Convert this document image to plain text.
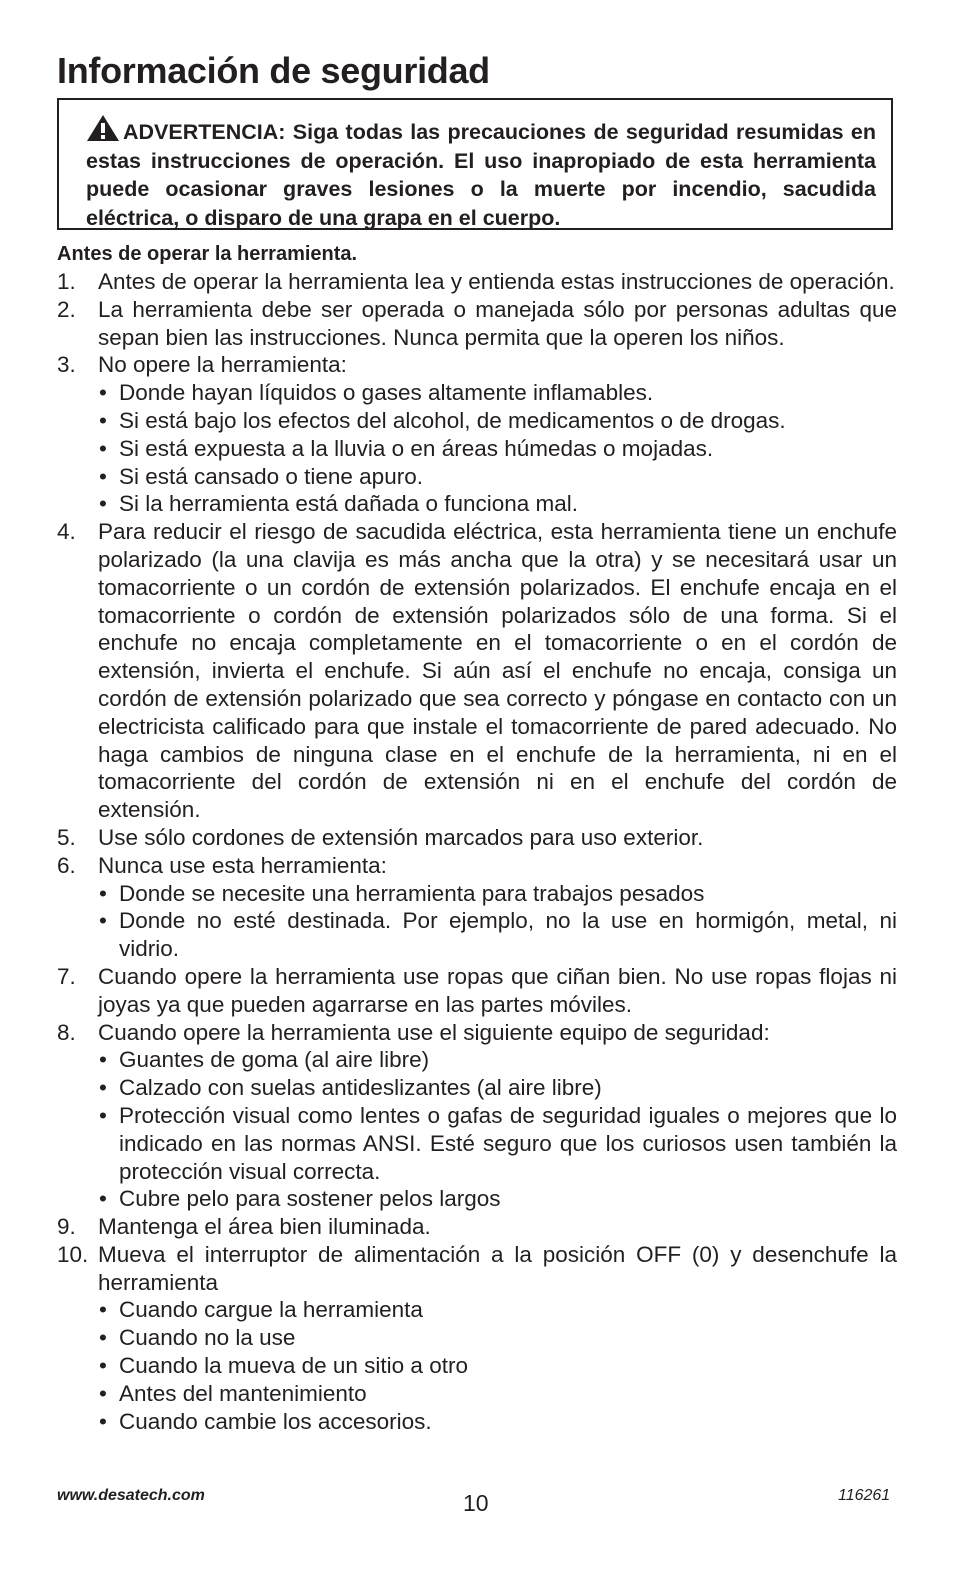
Información de seguridad
ADVERTENCIA: Siga todas las precauciones de seguridad resumidas en estas instrucciones de operación. El uso inapropiado de esta herramienta puede ocasionar graves lesiones o la muerte por incendio, sacudida eléctrica, o disparo de una grapa en el cuerpo.
Antes de operar la herramienta.
1. Antes de operar la herramienta lea y entienda estas instrucciones de operación.
2. La herramienta debe ser operada o manejada sólo por personas adultas que sepan bien las instrucciones. Nunca permita que la operen los niños.
3. No opere la herramienta:
• Donde hayan líquidos o gases altamente inflamables.
• Si está bajo los efectos del alcohol, de medicamentos o de drogas.
• Si está expuesta a la lluvia o en áreas húmedas o mojadas.
• Si está cansado o tiene apuro.
• Si la herramienta está dañada o funciona mal.
4. Para reducir el riesgo de sacudida eléctrica, esta herramienta tiene un enchufe polarizado (la una clavija es más ancha que la otra) y se necesitará usar un tomacorriente o un cordón de extensión polarizados. El enchufe encaja en el tomacorriente o cordón de extensión polarizados sólo de una forma. Si el enchufe no encaja completamente en el tomacorriente o en el cordón de extensión, invierta el enchufe. Si aún así el enchufe no encaja, consiga un cordón de extensión polarizado que sea correcto y póngase en contacto con un electricista calificado para que instale el tomacorriente de pared adecuado. No haga cambios de ninguna clase en el enchufe de la herramienta, ni en el tomacorriente del cordón de extensión ni en el enchufe del cordón de extensión.
5. Use sólo cordones de extensión marcados para uso exterior.
6. Nunca use esta herramienta:
• Donde se necesite una herramienta para trabajos pesados
• Donde no esté destinada. Por ejemplo, no la use en hormigón, metal, ni vidrio.
7. Cuando opere la herramienta use ropas que ciñan bien. No use ropas flojas ni joyas ya que pueden agarrarse en las partes móviles.
8. Cuando opere la herramienta use el siguiente equipo de seguridad:
• Guantes de goma (al aire libre)
• Calzado con suelas antideslizantes (al aire libre)
• Protección visual como lentes o gafas de seguridad iguales o mejores que lo indicado en las normas ANSI. Esté seguro que los curiosos usen también la protección visual correcta.
• Cubre pelo para sostener pelos largos
9. Mantenga el área bien iluminada.
10. Mueva el interruptor de alimentación a la posición OFF (0) y desenchufe la herramienta
• Cuando cargue la herramienta
• Cuando no la use
• Cuando la mueva de un sitio a otro
• Antes del mantenimiento
• Cuando cambie los accesorios.
www.desatech.com	10	116261
